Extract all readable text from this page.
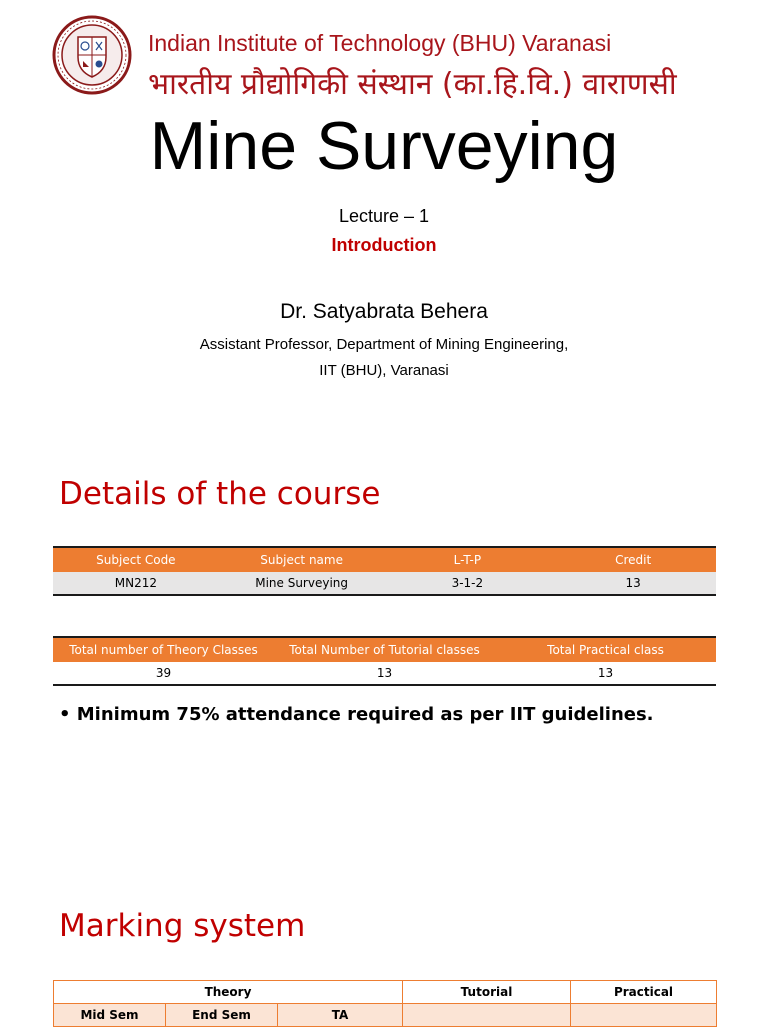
Indian Institute of Technology (BHU) Varanasi
भारतीय प्रौद्योगिकी संस्थान (का.हि.वि.) वाराणसी
Mine Surveying
Lecture – 1
Introduction
Dr. Satyabrata Behera
Assistant Professor, Department of Mining Engineering,
IIT (BHU), Varanasi
Details of the course
Subject Code	Subject name	L-T-P	Credit
MN212	Mine Surveying	3-1-2	13
Total number of Theory Classes	Total Number of Tutorial classes	Total Practical class
39	13	13
• Minimum 75% attendance required as per IIT guidelines.
Marking system
Theory			Tutorial	Practical
Mid Sem	End Sem	TA		
